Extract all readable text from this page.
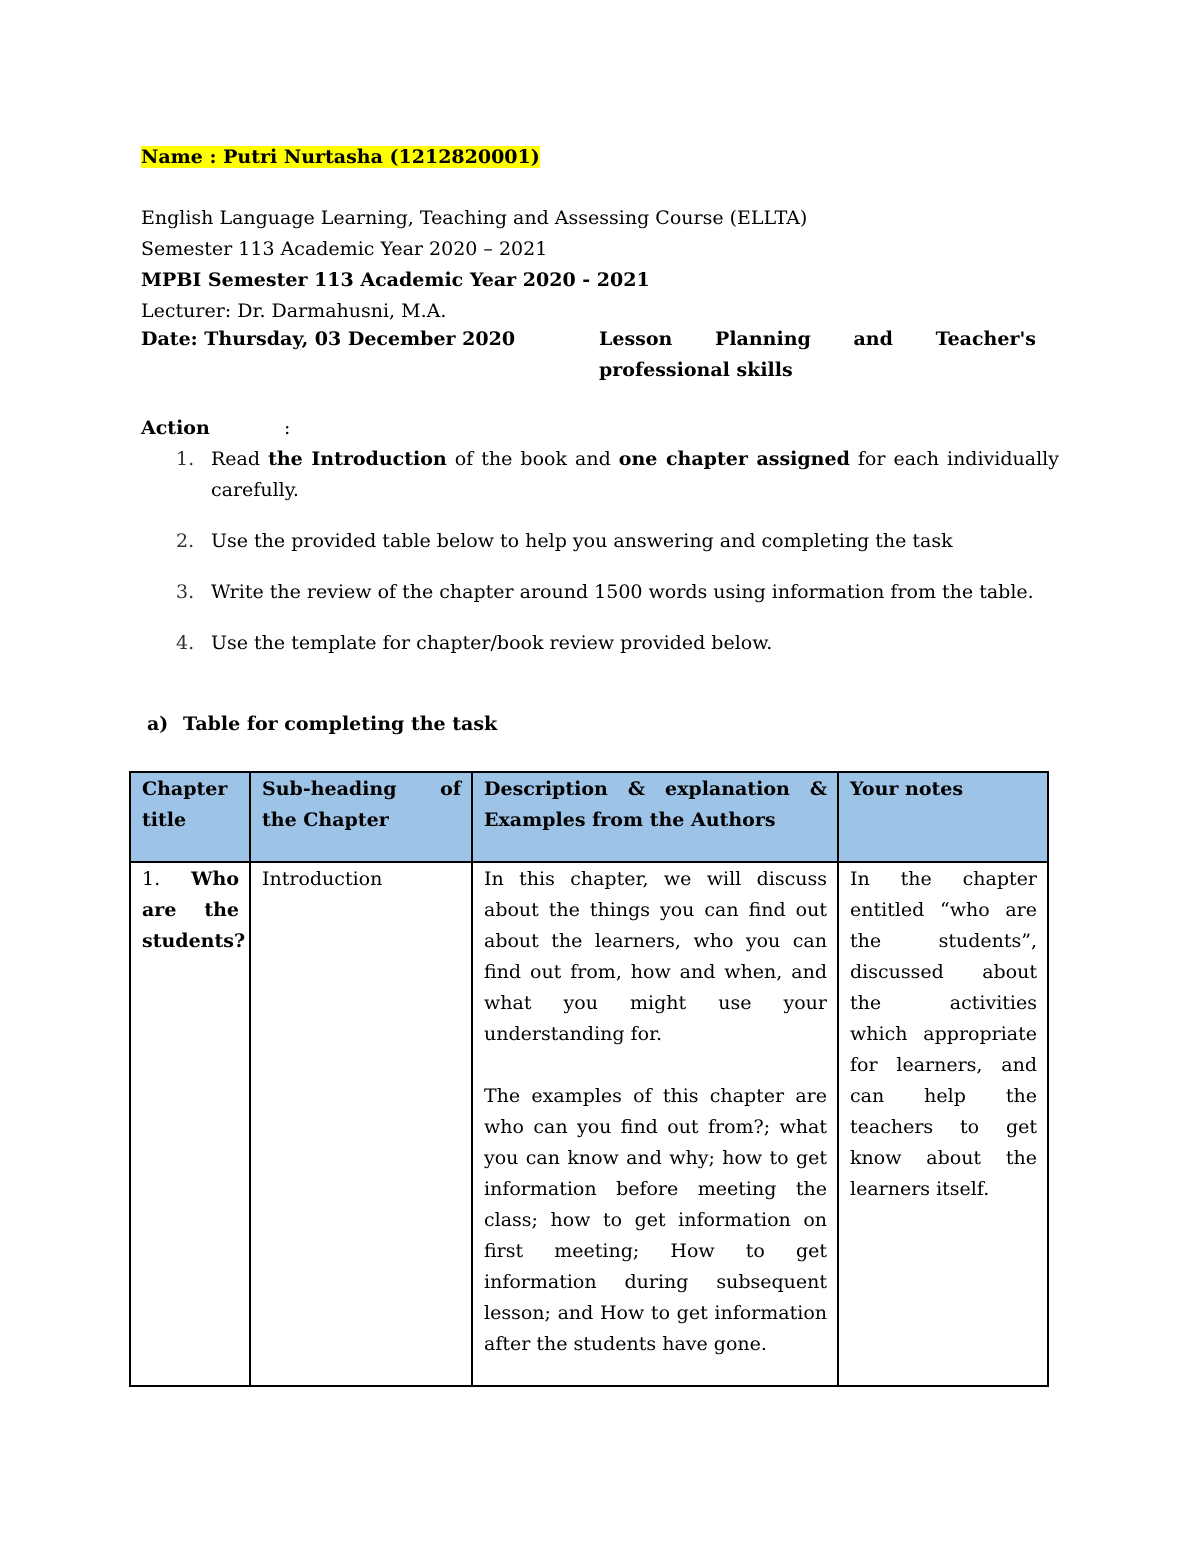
Name : Putri Nurtasha (1212820001)
English Language Learning, Teaching and Assessing Course (ELLTA)
Semester 113 Academic Year 2020 – 2021
MPBI Semester 113 Academic Year 2020 - 2021
Lecturer: Dr. Darmahusni, M.A.
Date: Thursday, 03 December 2020	Lesson Planning and Teacher's
professional skills
Action	:
1. Read the Introduction of the book and one chapter assigned for each individually carefully.
2. Use the provided table below to help you answering and completing the task
3. Write the review of the chapter around 1500 words using information from the table.
4. Use the template for chapter/book review provided below.
a) Table for completing the task
Chapter title	Sub-heading of the Chapter	Description & explanation & Examples from the Authors	Your notes
1. Who are the students?	Introduction	In this chapter, we will discuss about the things you can find out about the learners, who you can find out from, how and when, and what you might use your understanding for.
The examples of this chapter are who can you find out from?; what you can know and why; how to get information before meeting the class; how to get information on first meeting; How to get information during subsequent lesson; and How to get information after the students have gone.	In the chapter entitled “who are the students”, discussed about the activities which appropriate for learners, and can help the teachers to get know about the learners itself.
